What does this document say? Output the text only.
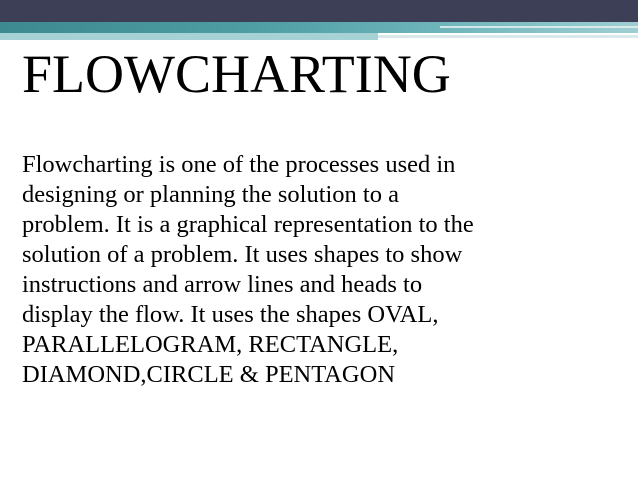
FLOWCHARTING

Flowcharting is one of the processes used in
designing or planning the solution to a
problem. It is a graphical representation to the
solution of a problem. It uses shapes to show
instructions and arrow lines and heads to
display the flow. It uses the shapes OVAL,
PARALLELOGRAM, RECTANGLE,
DIAMOND,CIRCLE & PENTAGON
